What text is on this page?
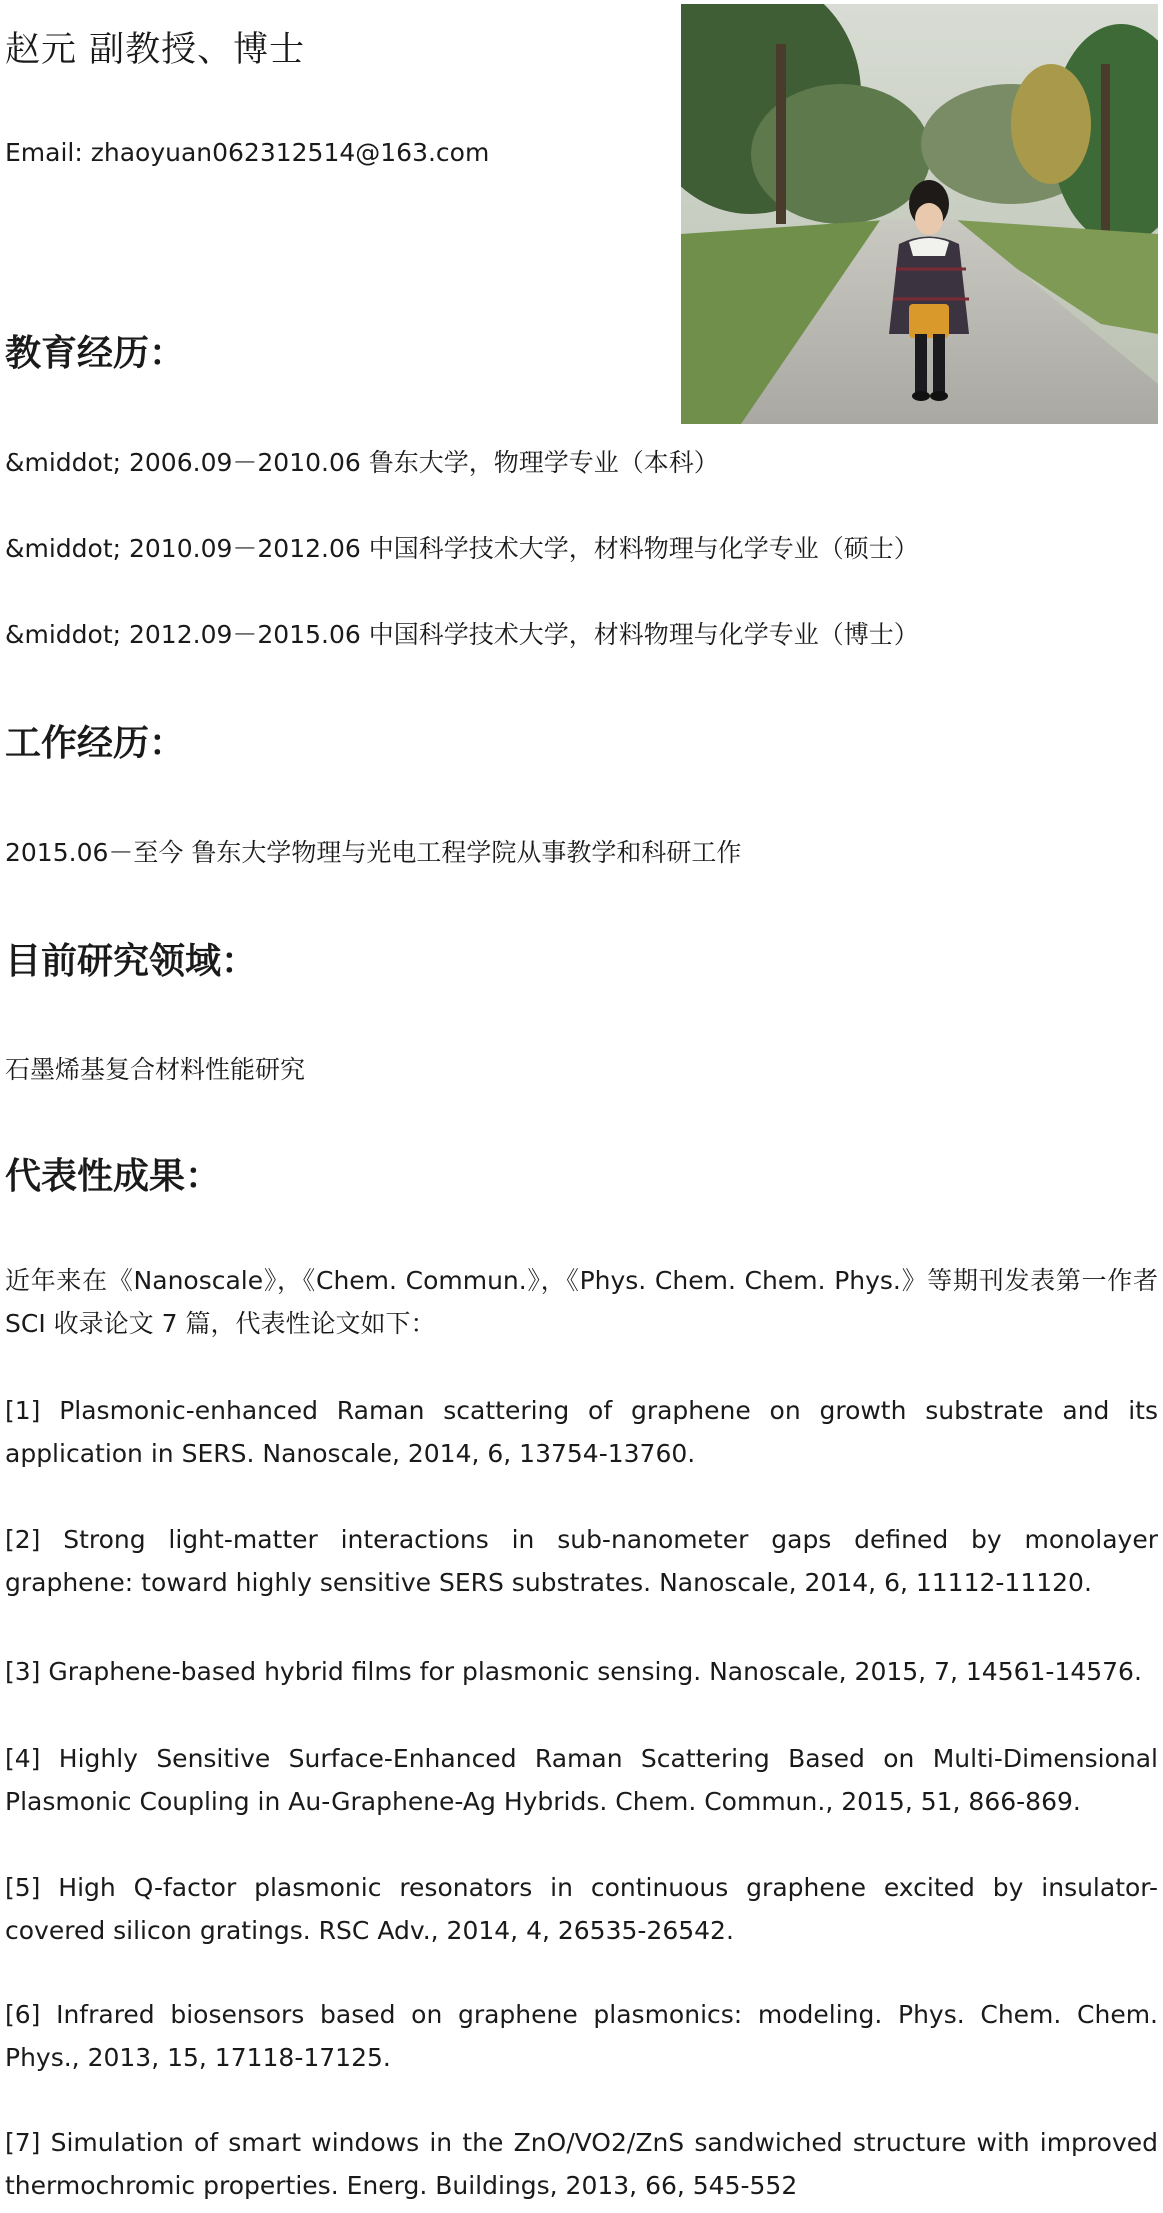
赵元 副教授、博士
Email: zhaoyuan062312514@163.com
教育经历：
&middot; 2006.09－2010.06 鲁东大学，物理学专业（本科）
&middot; 2010.09－2012.06 中国科学技术大学，材料物理与化学专业（硕士）
&middot; 2012.09－2015.06 中国科学技术大学，材料物理与化学专业（博士）
工作经历：
2015.06－至今 鲁东大学物理与光电工程学院从事教学和科研工作
目前研究领域：
石墨烯基复合材料性能研究
代表性成果：
近年来在《Nanoscale》，《Chem. Commun.》，《Phys. Chem. Chem. Phys.》等期刊发表第一作者 SCI 收录论文 7 篇，代表性论文如下：
[1] Plasmonic-enhanced Raman scattering of graphene on growth substrate and its application in SERS. Nanoscale, 2014, 6, 13754-13760.
[2] Strong light-matter interactions in sub-nanometer gaps defined by monolayer graphene: toward highly sensitive SERS substrates. Nanoscale, 2014, 6, 11112-11120.
[3] Graphene-based hybrid films for plasmonic sensing. Nanoscale, 2015, 7, 14561-14576.
[4] Highly Sensitive Surface-Enhanced Raman Scattering Based on Multi-Dimensional Plasmonic Coupling in Au-Graphene-Ag Hybrids. Chem. Commun., 2015, 51, 866-869.
[5] High Q-factor plasmonic resonators in continuous graphene excited by insulator-covered silicon gratings. RSC Adv., 2014, 4, 26535-26542.
[6] Infrared biosensors based on graphene plasmonics: modeling. Phys. Chem. Chem. Phys., 2013, 15, 17118-17125.
[7] Simulation of smart windows in the ZnO/VO2/ZnS sandwiched structure with improved thermochromic properties. Energ. Buildings, 2013, 66, 545-552
